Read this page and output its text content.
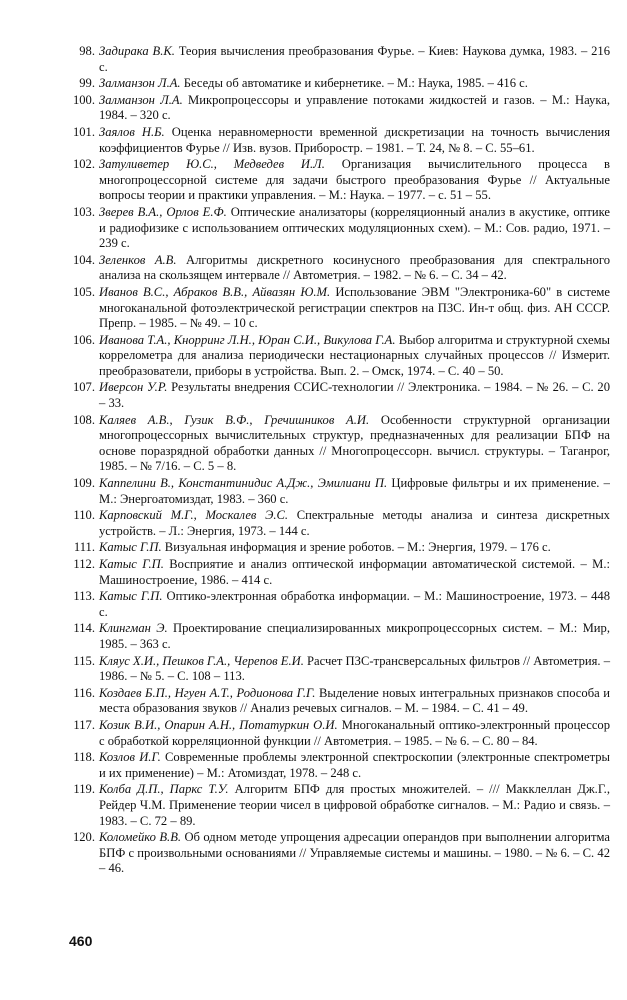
98. Задирака В.К. Теория вычисления преобразования Фурье. – Киев: Наукова думка, 1983. – 216 с.
99. Залманзон Л.А. Беседы об автоматике и кибернетике. – М.: Наука, 1985. – 416 с.
100. Залманзон Л.А. Микропроцессоры и управление потоками жидкостей и газов. – М.: Наука, 1984. – 320 с.
101. Заялов Н.Б. Оценка неравномерности временной дискретизации на точность вычисления коэффициентов Фурье // Изв. вузов. Приборостр. – 1981. – Т. 24, № 8. – С. 55–61.
102. Затуливетер Ю.С., Медведев И.Л. Организация вычислительного процесса в многопроцессорной системе для задачи быстрого преобразования Фурье // Актуальные вопросы теории и практики управления. – М.: Наука. – 1977. – с. 51 – 55.
103. Зверев В.А., Орлов Е.Ф. Оптические анализаторы (корреляционный анализ в акустике, оптике и радиофизике с использованием оптических модуляционных схем). – М.: Сов. радио, 1971. – 239 с.
104. Зеленков А.В. Алгоритмы дискретного косинусного преобразования для спектрального анализа на скользящем интервале // Автометрия. – 1982. – № 6. – С. 34 – 42.
105. Иванов В.С., Абраков В.В., Айвазян Ю.М. Использование ЭВМ "Электроника-60" в системе многоканальной фотоэлектрической регистрации спектров на ПЗС. Ин-т общ. физ. АН СССР. Препр. – 1985. – № 49. – 10 с.
106. Иванова Т.А., Кнорринг Л.Н., Юран С.И., Викулова Г.А. Выбор алгоритма и структурной схемы коррелометра для анализа периодически нестационарных случайных процессов // Измерит. преобразователи, приборы в устройства. Вып. 2. – Омск, 1974. – С. 40 – 50.
107. Иверсон У.Р. Результаты внедрения ССИС-технологии // Электроника. – 1984. – № 26. – С. 20 – 33.
108. Каляев А.В., Гузик В.Ф., Гречишников А.И. Особенности структурной организации многопроцессорных вычислительных структур, предназначенных для реализации БПФ на основе поразрядной обработки данных // Многопроцессорн. вычисл. структуры. – Таганрог, 1985. – № 7/16. – С. 5 – 8.
109. Каппелини В., Константинидис А.Дж., Эмилиани П. Цифровые фильтры и их применение. – М.: Энергоатомиздат, 1983. – 360 с.
110. Карповский М.Г., Москалев Э.С. Спектральные методы анализа и синтеза дискретных устройств. – Л.: Энергия, 1973. – 144 с.
111. Катыс Г.П. Визуальная информация и зрение роботов. – М.: Энергия, 1979. – 176 с.
112. Катыс Г.П. Восприятие и анализ оптической информации автоматической системой. – М.: Машиностроение, 1986. – 414 с.
113. Катыс Г.П. Оптико-электронная обработка информации. – М.: Машиностроение, 1973. – 448 с.
114. Клингман Э. Проектирование специализированных микропроцессорных систем. – М.: Мир, 1985. – 363 с.
115. Кляус Х.И., Пешков Г.А., Черепов Е.И. Расчет ПЗС-трансверсальных фильтров // Автометрия. – 1986. – № 5. – С. 108 – 113.
116. Коздаев Б.П., Нгуен А.Т., Родионова Г.Г. Выделение новых интегральных признаков способа и места образования звуков // Анализ речевых сигналов. – М. – 1984. – С. 41 – 49.
117. Козик В.И., Опарин А.Н., Потатуркин О.И. Многоканальный оптико-электронный процессор с обработкой корреляционной функции // Автометрия. – 1985. – № 6. – С. 80 – 84.
118. Козлов И.Г. Современные проблемы электронной спектроскопии (электронные спектрометры и их применение) – М.: Атомиздат, 1978. – 248 с.
119. Колба Д.П., Паркс Т.У. Алгоритм БПФ для простых множителей. – /// Макклеллан Дж.Г., Рейдер Ч.М. Применение теории чисел в цифровой обработке сигналов. – М.: Радио и связь. – 1983. – С. 72 – 89.
120. Коломейко В.В. Об одном методе упрощения адресации операндов при выполнении алгоритма БПФ с произвольными основаниями // Управляемые системы и машины. – 1980. – № 6. – С. 42 – 46.
460
